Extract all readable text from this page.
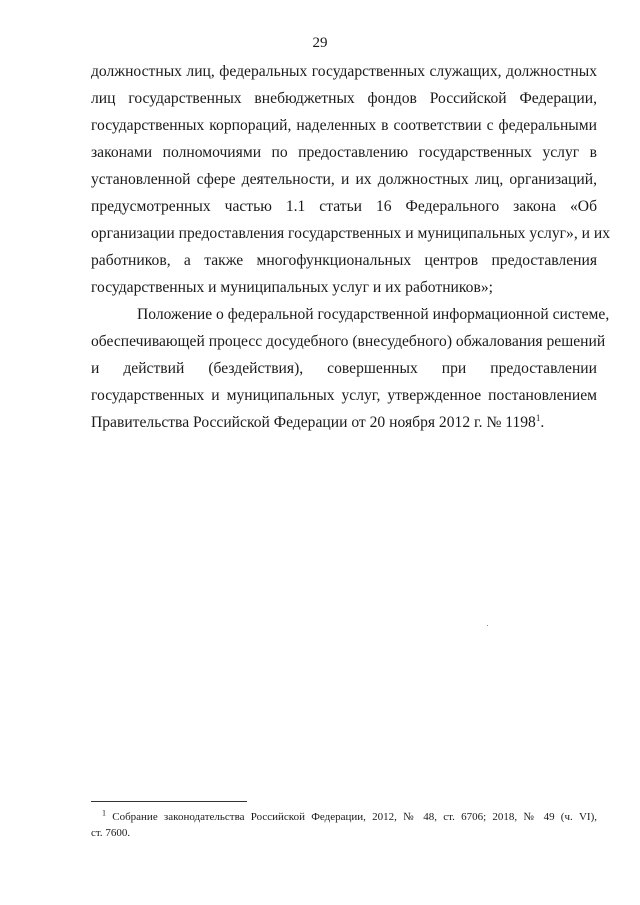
29
должностных лиц, федеральных государственных служащих, должностных
лиц государственных внебюджетных фондов Российской Федерации,
государственных корпораций, наделенных в соответствии с федеральными
законами полномочиями по предоставлению государственных услуг в
установленной сфере деятельности, и их должностных лиц, организаций,
предусмотренных частью 1.1 статьи 16 Федерального закона «Об
организации предоставления государственных и муниципальных услуг», и их
работников, а также многофункциональных центров предоставления
государственных и муниципальных услуг и их работников»;
Положение о федеральной государственной информационной системе,
обеспечивающей процесс досудебного (внесудебного) обжалования решений
и действий (бездействия), совершенных при предоставлении
государственных и муниципальных услуг, утвержденное постановлением
Правительства Российской Федерации от 20 ноября 2012 г. № 1198$^1$.
$^1$ Собрание законодательства Российской Федерации, 2012, № 48, ст. 6706; 2018, № 49 (ч. VI),
ст. 7600.
